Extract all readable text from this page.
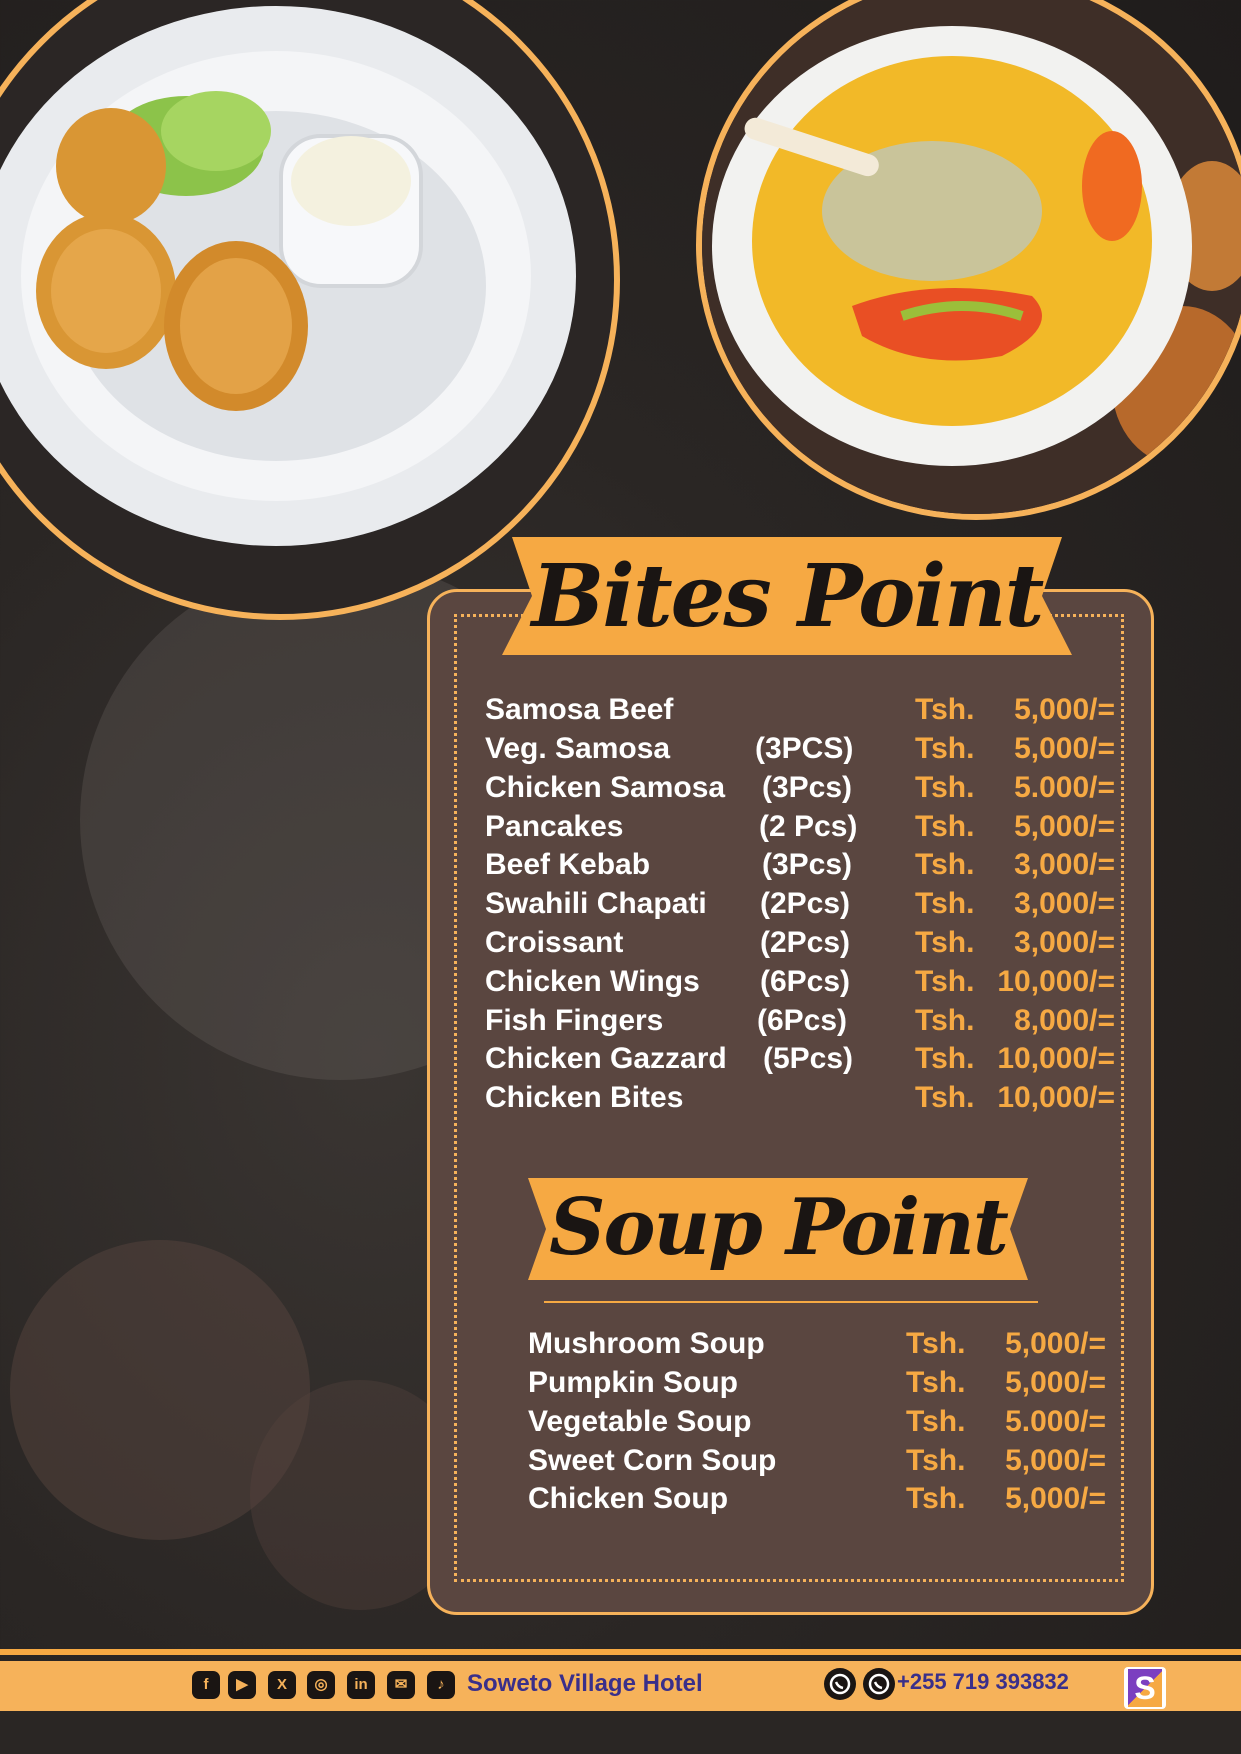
Bites Point
Samosa Beef	Tsh. 5,000/=
Veg. Samosa	(3PCS) Tsh. 5,000/=
Chicken Samosa (3Pcs) Tsh. 5.000/=
Pancakes	(2 Pcs) Tsh. 5,000/=
Beef Kebab	(3Pcs) Tsh. 3,000/=
Swahili Chapati (2Pcs) Tsh. 3,000/=
Croissant	(2Pcs) Tsh. 3,000/=
Chicken Wings (6Pcs) Tsh. 10,000/=
Fish Fingers	(6Pcs) Tsh. 8,000/=
Chicken Gazzard (5Pcs) Tsh. 10,000/=
Chicken Bites	Tsh. 10,000/=
Soup Point
Mushroom Soup	Tsh. 5,000/=
Pumpkin Soup	Tsh. 5,000/=
Vegetable Soup	Tsh. 5.000/=
Sweet Corn Soup	Tsh. 5,000/=
Chicken Soup	Tsh. 5,000/=
f	▶	X	◎	in	✉	♪ Soweto Village Hotel	+255 719 393832 S
